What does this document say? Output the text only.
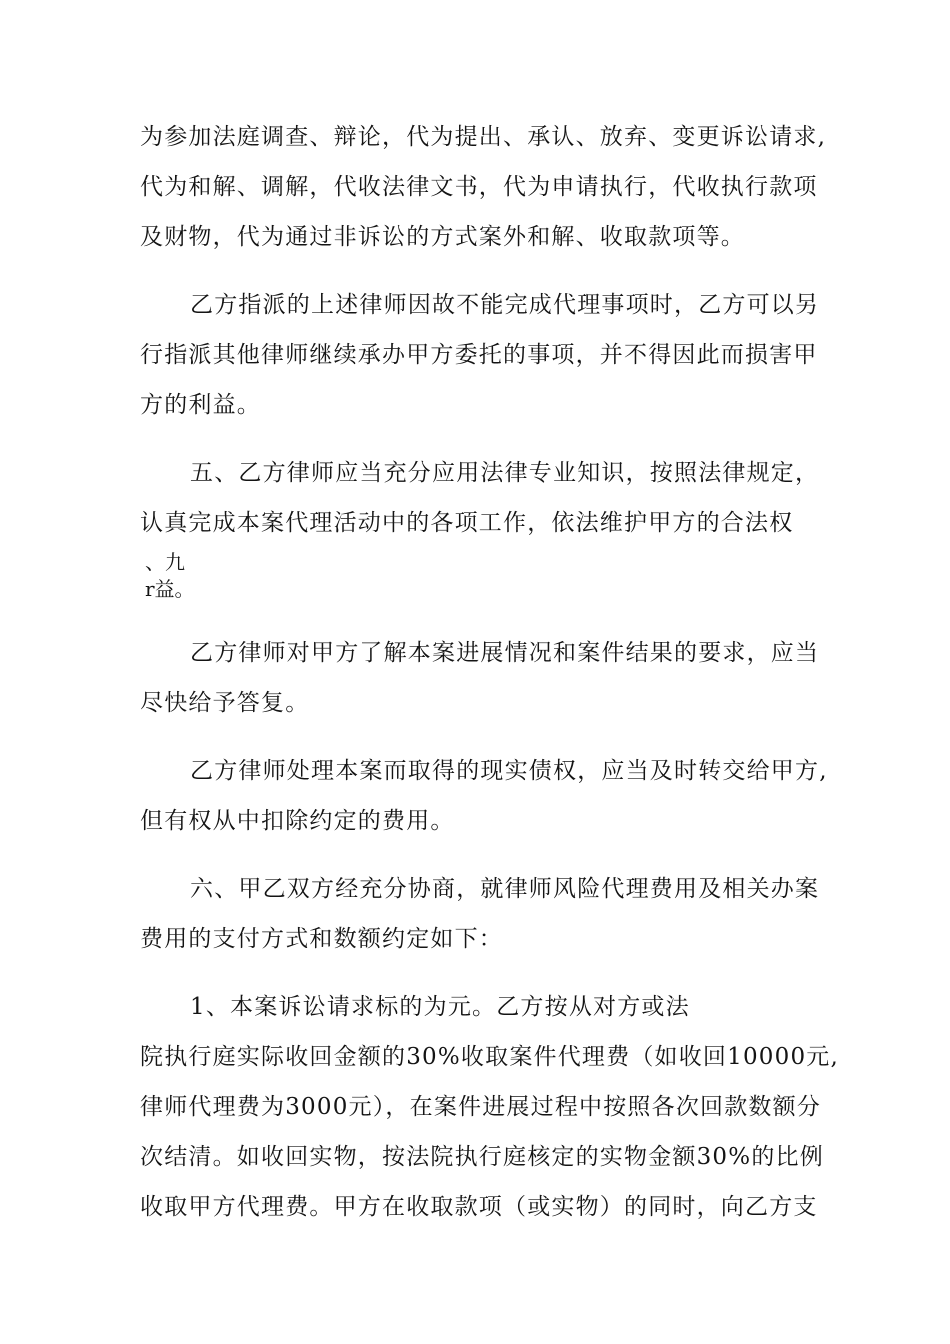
为参加法庭调查、辩论，代为提出、承认、放弃、变更诉讼请求,
代为和解、调解，代收法律文书，代为申请执行，代收执行款项
及财物，代为通过非诉讼的方式案外和解、收取款项等。
乙方指派的上述律师因故不能完成代理事项时，乙方可以另
行指派其他律师继续承办甲方委托的事项，并不得因此而损害甲
方的利益。
五、乙方律师应当充分应用法律专业知识，按照法律规定，
认真完成本案代理活动中的各项工作，依法维护甲方的合法权
、九
r益。
乙方律师对甲方了解本案进展情况和案件结果的要求，应当
尽快给予答复。
乙方律师处理本案而取得的现实债权，应当及时转交给甲方,
但有权从中扣除约定的费用。
六、甲乙双方经充分协商，就律师风险代理费用及相关办案
费用的支付方式和数额约定如下：
1、本案诉讼请求标的为元。乙方按从对方或法
院执行庭实际收回金额的30%收取案件代理费（如收回10000元,
律师代理费为3000元），在案件进展过程中按照各次回款数额分
次结清。如收回实物，按法院执行庭核定的实物金额30%的比例
收取甲方代理费。甲方在收取款项（或实物）的同时，向乙方支
